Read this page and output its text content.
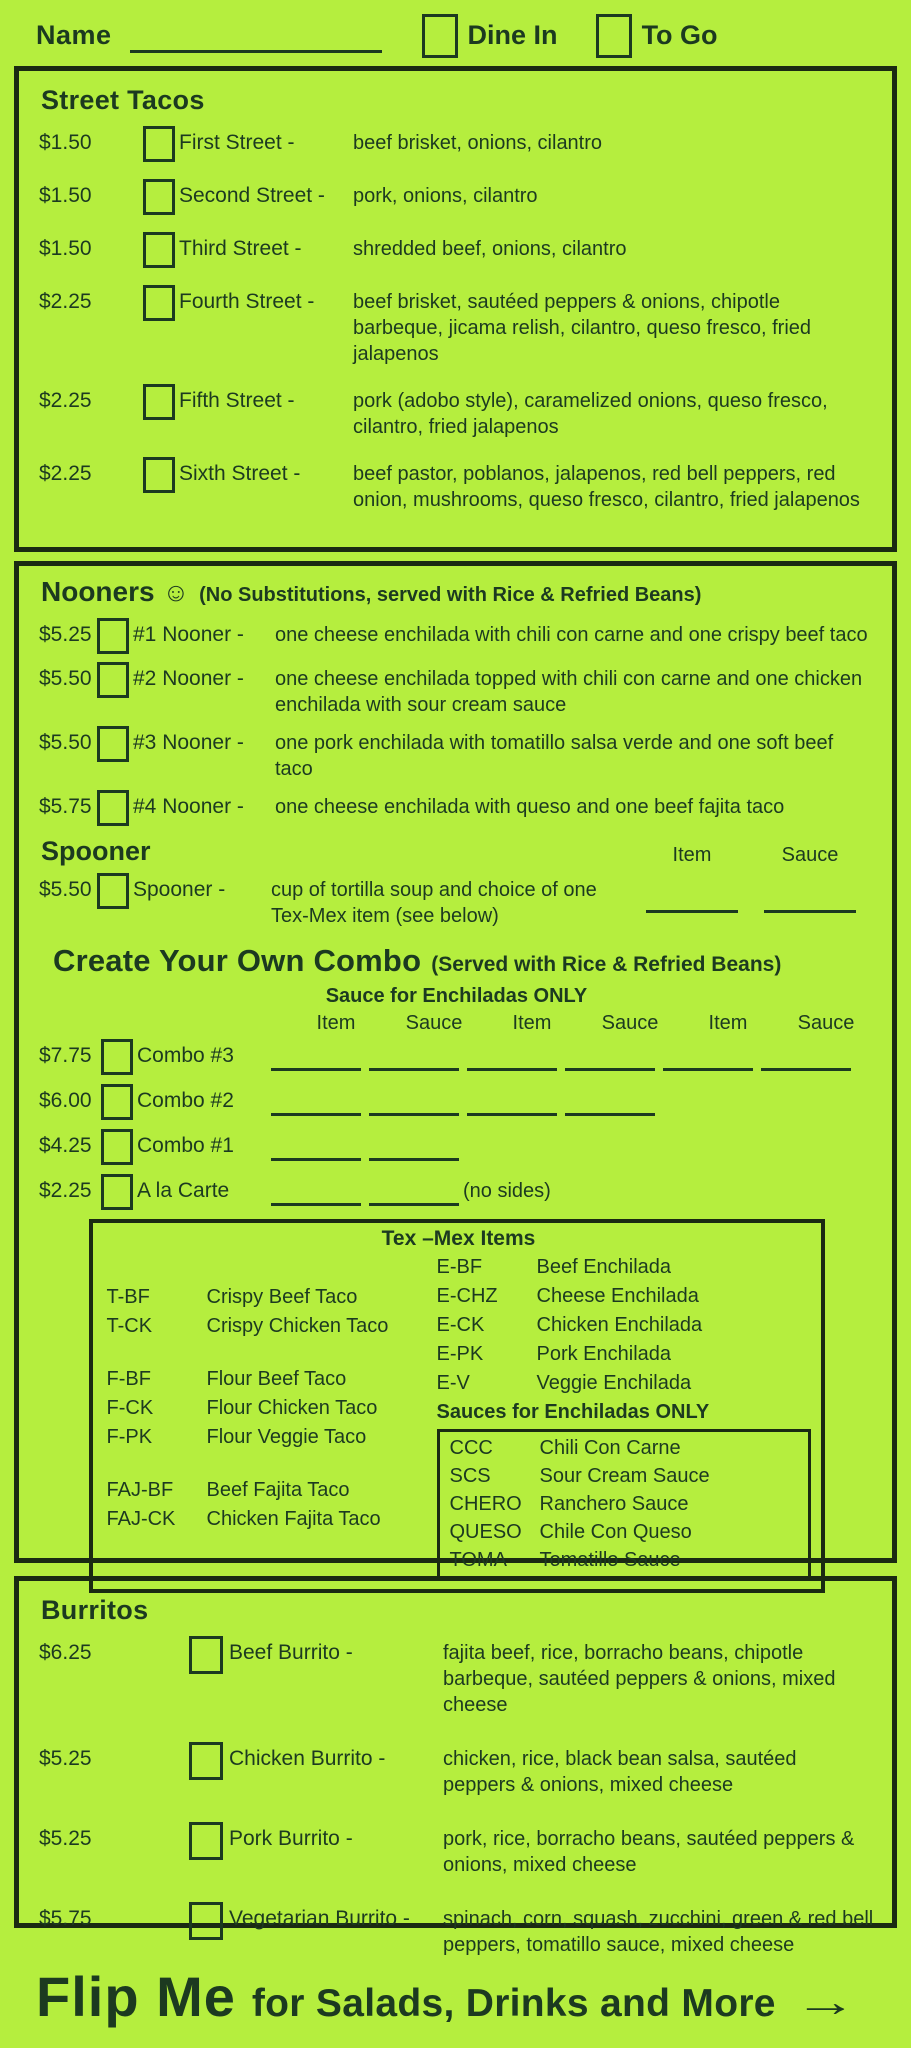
Name	Dine In	To Go
Street Tacos
$1.50	First Street -	beef brisket, onions, cilantro
$1.50	Second Street -	pork, onions, cilantro
$1.50	Third Street -	shredded beef, onions, cilantro
$2.25	Fourth Street -	beef brisket, sautéed peppers & onions, chipotle barbeque, jicama relish, cilantro, queso fresco, fried jalapenos
$2.25	Fifth Street -	pork (adobo style), caramelized onions, queso fresco, cilantro, fried jalapenos
$2.25	Sixth Street -	beef pastor, poblanos, jalapenos, red bell peppers, red onion, mushrooms, queso fresco, cilantro, fried jalapenos
Nooners ☺ (No Substitutions, served with Rice & Refried Beans)
$5.25 #1 Nooner -	one cheese enchilada with chili con carne and one crispy beef taco
$5.50 #2 Nooner -	one cheese enchilada topped with chili con carne and one chicken enchilada with sour cream sauce
$5.50 #3 Nooner -	one pork enchilada with tomatillo salsa verde and one soft beef taco
$5.75 #4 Nooner -	one cheese enchilada with queso and one beef fajita taco
Spooner	Item	Sauce
$5.50 Spooner -	cup of tortilla soup and choice of one Tex-Mex item (see below)
Create Your Own Combo (Served with Rice & Refried Beans)
Sauce for Enchiladas ONLY
Item	Sauce	Item	Sauce	Item	Sauce
$7.75	Combo #3
$6.00	Combo #2
$4.25	Combo #1
$2.25	A la Carte	(no sides)
Tex –Mex Items
T-BF	Crispy Beef Taco
T-CK	Crispy Chicken Taco
F-BF	Flour Beef Taco
F-CK	Flour Chicken Taco
F-PK	Flour Veggie Taco
FAJ-BF	Beef Fajita Taco
FAJ-CK	Chicken Fajita Taco
E-BF	Beef Enchilada
E-CHZ	Cheese Enchilada
E-CK	Chicken Enchilada
E-PK	Pork Enchilada
E-V	Veggie Enchilada
Sauces for Enchiladas ONLY
CCC	Chili Con Carne
SCS	Sour Cream Sauce
CHERO Ranchero Sauce
QUESO Chile Con Queso
TOMA	Tomatillo Sauce
Burritos
$6.25	Beef Burrito -	fajita beef, rice, borracho beans, chipotle barbeque, sautéed peppers & onions, mixed cheese
$5.25	Chicken Burrito -	chicken, rice, black bean salsa, sautéed peppers & onions, mixed cheese
$5.25	Pork Burrito -	pork, rice, borracho beans, sautéed peppers & onions, mixed cheese
$5.75	Vegetarian Burrito -	spinach, corn, squash, zucchini, green & red bell peppers, tomatillo sauce, mixed cheese
Flip Me for Salads, Drinks and More →
